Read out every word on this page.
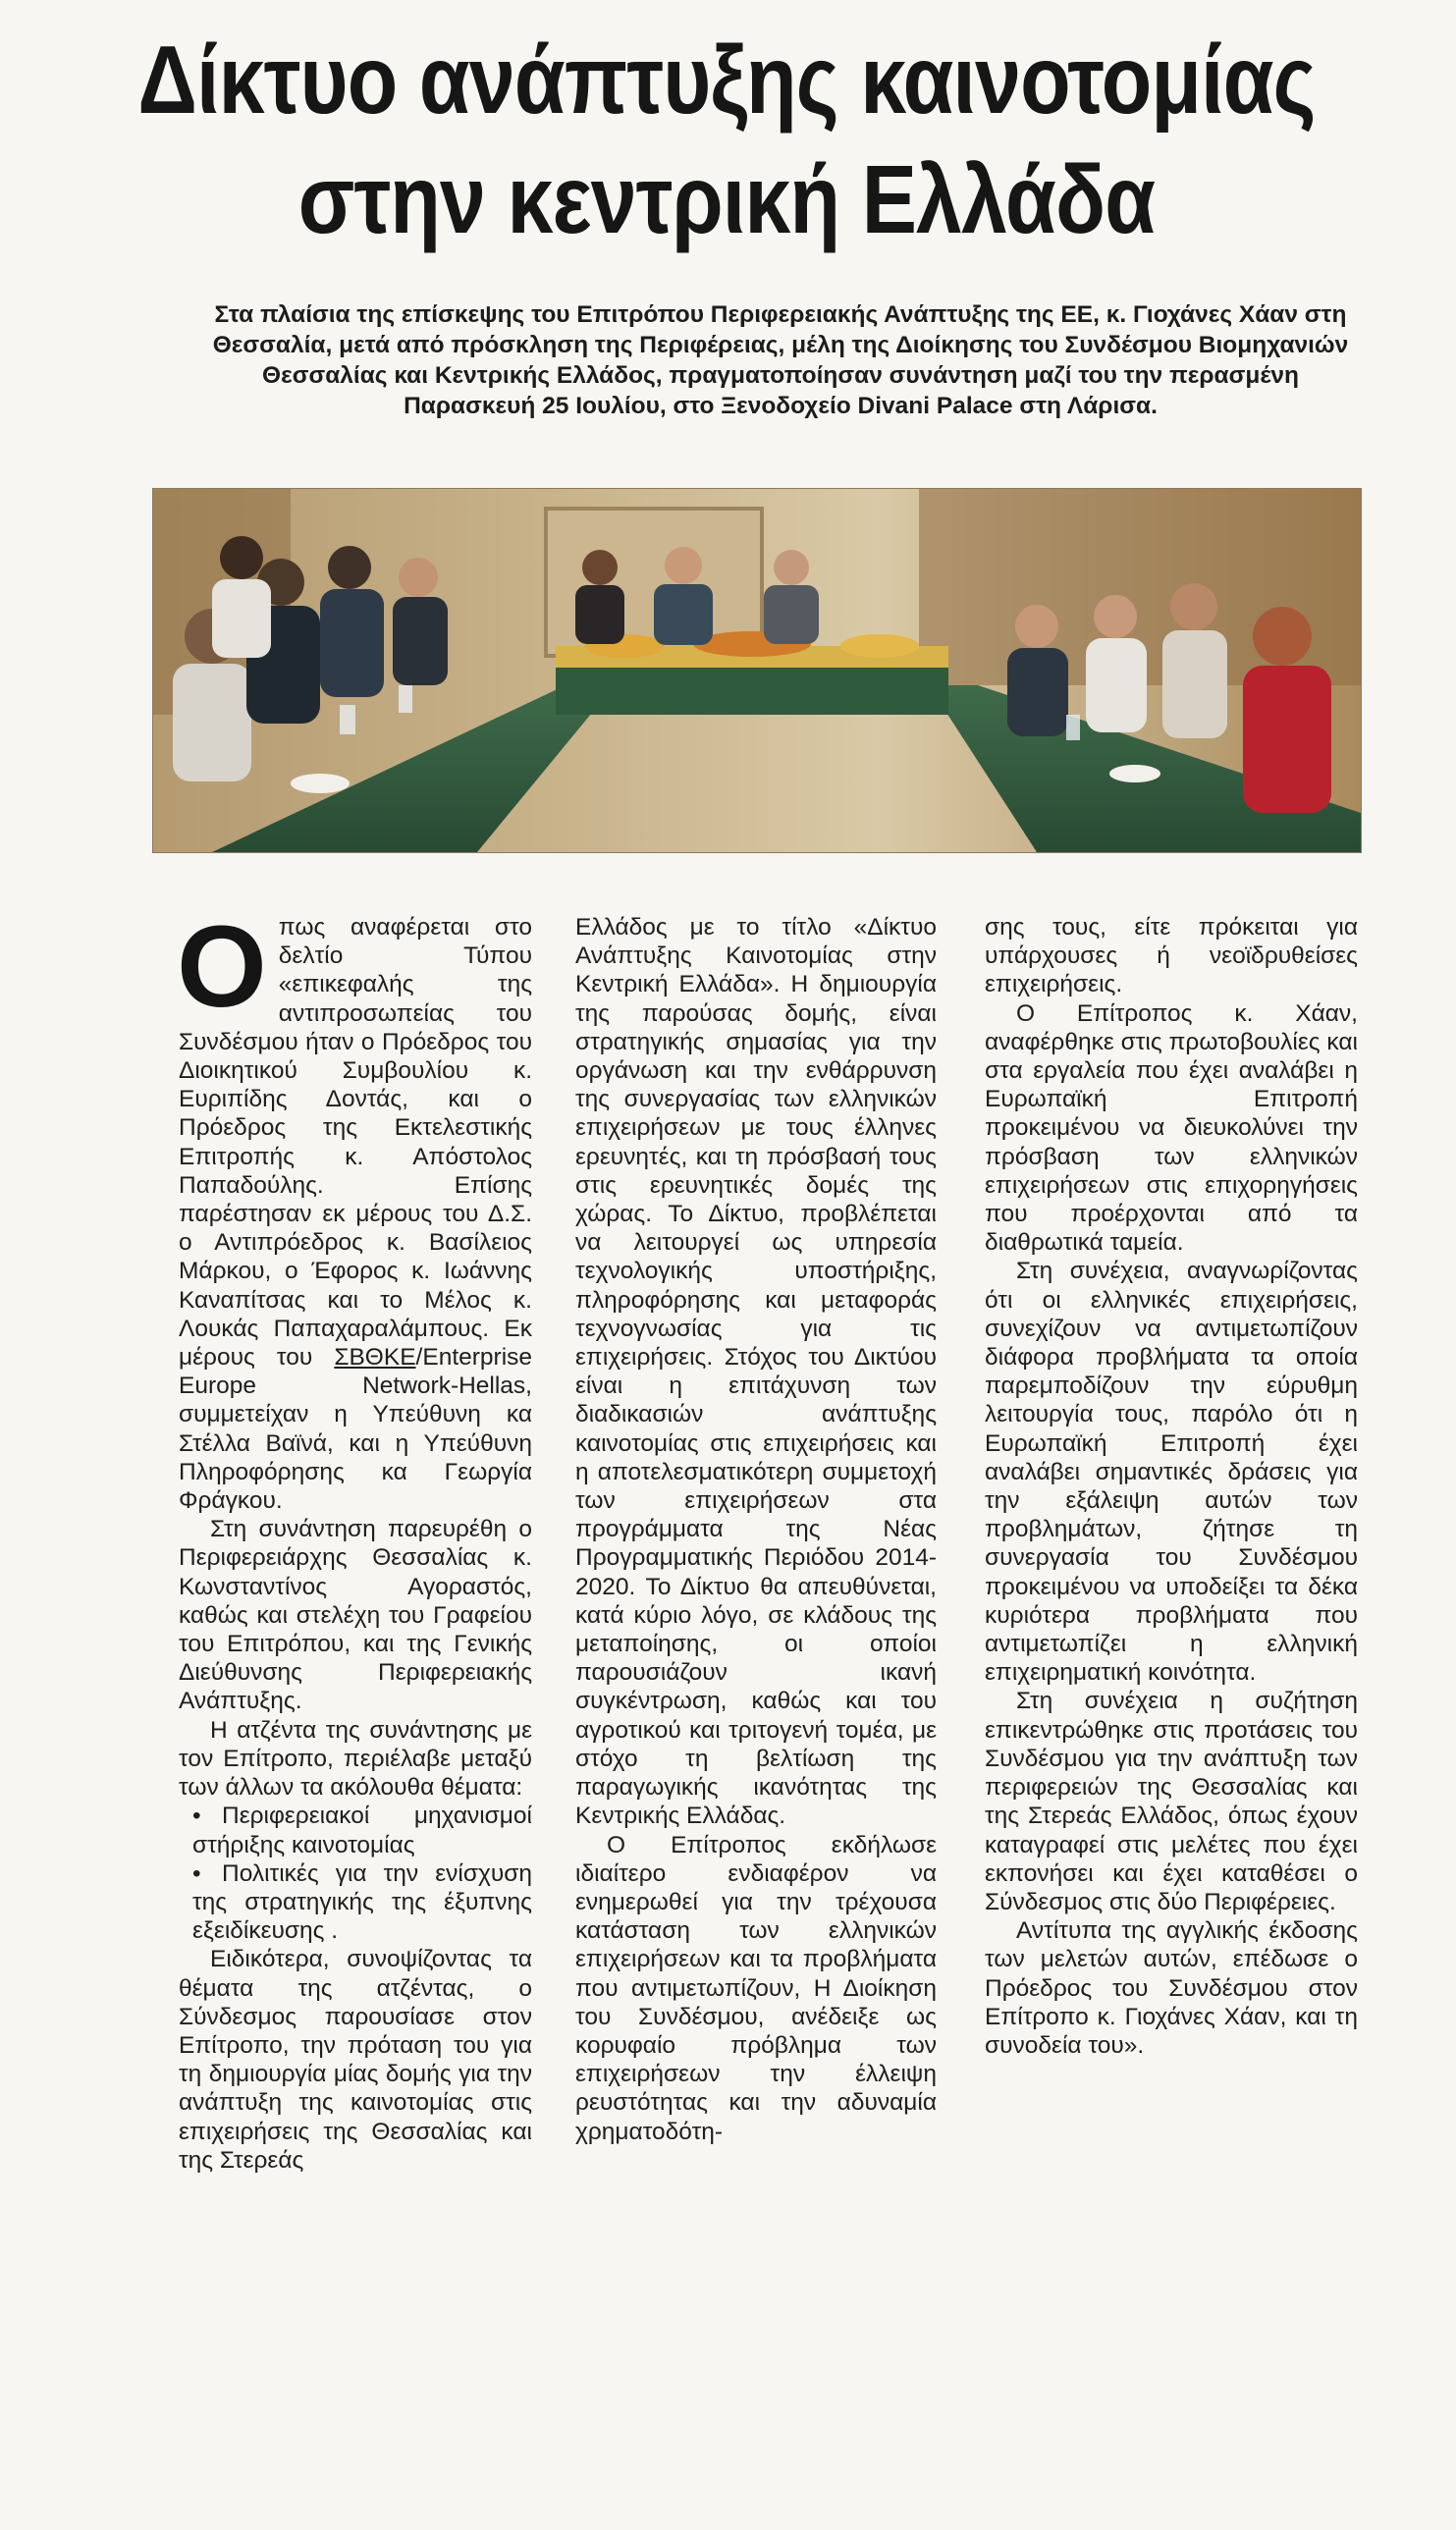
Δίκτυο ανάπτυξης καινοτομίας
στην κεντρική Ελλάδα
Στα πλαίσια της επίσκεψης του Επιτρόπου Περιφερειακής Ανάπτυξης της ΕΕ, κ. Γιοχάνες Χάαν στη Θεσσαλία, μετά από πρόσκληση της Περιφέρειας, μέλη της Διοίκησης του Συνδέσμου Βιομηχανιών Θεσσαλίας και Κεντρικής Ελλάδος, πραγματοποίησαν συνάντηση μαζί του την περασμένη Παρασκευή 25 Ιουλίου, στο Ξενοδοχείο Divani Palace στη Λάρισα.

Οπως αναφέρεται στο δελτίο Τύπου «επικεφαλής της αντιπροσωπείας του Συνδέσμου ήταν ο Πρόεδρος του Διοικητικού Συμβουλίου κ. Ευριπίδης Δοντάς, και ο Πρόεδρος της Εκτελεστικής Επιτροπής κ. Απόστολος Παπαδούλης. Επίσης παρέστησαν εκ μέρους του Δ.Σ. ο Αντιπρόεδρος κ. Βασίλειος Μάρκου, ο Έφορος κ. Ιωάννης Καναπίτσας και το Μέλος κ. Λουκάς Παπαχαραλάμπους. Εκ μέρους του ΣΒΘΚΕ/Enterprise Europe Network-Hellas, συμμετείχαν η Υπεύθυνη κα Στέλλα Βαϊνά, και η Υπεύθυνη Πληροφόρησης κα Γεωργία Φράγκου.

Στη συνάντηση παρευρέθη ο Περιφερειάρχης Θεσσαλίας κ. Κωνσταντίνος Αγοραστός, καθώς και στελέχη του Γραφείου του Επιτρόπου, και της Γενικής Διεύθυνσης Περιφερειακής Ανάπτυξης.

Η ατζέντα της συνάντησης με τον Επίτροπο, περιέλαβε μεταξύ των άλλων τα ακόλουθα θέματα:

• Περιφερειακοί μηχανισμοί στήριξης καινοτομίας

• Πολιτικές για την ενίσχυση της στρατηγικής της έξυπνης εξειδίκευσης .

Ειδικότερα, συνοψίζοντας τα θέματα της ατζέντας, ο Σύνδεσμος παρουσίασε στον Επίτροπο, την πρόταση του για τη δημιουργία μίας δομής για την ανάπτυξη της καινοτομίας στις επιχειρήσεις της Θεσσαλίας και της Στερεάς

Ελλάδος με το τίτλο «Δίκτυο Ανάπτυξης Καινοτομίας στην Κεντρική Ελλάδα». Η δημιουργία της παρούσας δομής, είναι στρατηγικής σημασίας για την οργάνωση και την ενθάρρυνση της συνεργασίας των ελληνικών επιχειρήσεων με τους έλληνες ερευνητές, και τη πρόσβασή τους στις ερευνητικές δομές της χώρας. Το Δίκτυο, προβλέπεται να λειτουργεί ως υπηρεσία τεχνολογικής υποστήριξης, πληροφόρησης και μεταφοράς τεχνογνωσίας για τις επιχειρήσεις. Στόχος του Δικτύου είναι η επιτάχυνση των διαδικασιών ανάπτυξης καινοτομίας στις επιχειρήσεις και η αποτελεσματικότερη συμμετοχή των επιχειρήσεων στα προγράμματα της Νέας Προγραμματικής Περιόδου 2014-2020. Το Δίκτυο θα απευθύνεται, κατά κύριο λόγο, σε κλάδους της μεταποίησης, οι οποίοι παρουσιάζουν ικανή συγκέντρωση, καθώς και του αγροτικού και τριτογενή τομέα, με στόχο τη βελτίωση της παραγωγικής ικανότητας της Κεντρικής Ελλάδας.

Ο Επίτροπος εκδήλωσε ιδιαίτερο ενδιαφέρον να ενημερωθεί για την τρέχουσα κατάσταση των ελληνικών επιχειρήσεων και τα προβλήματα που αντιμετωπίζουν, Η Διοίκηση του Συνδέσμου, ανέδειξε ως κορυφαίο πρόβλημα των επιχειρήσεων την έλλειψη ρευστότητας και την αδυναμία χρηματοδότη-

σης τους, είτε πρόκειται για υπάρχουσες ή νεοϊδρυθείσες επιχειρήσεις.

Ο Επίτροπος κ. Χάαν, αναφέρθηκε στις πρωτοβουλίες και στα εργαλεία που έχει αναλάβει η Ευρωπαϊκή Επιτροπή προκειμένου να διευκολύνει την πρόσβαση των ελληνικών επιχειρήσεων στις επιχορηγήσεις που προέρχονται από τα διαθρωτικά ταμεία.

Στη συνέχεια, αναγνωρίζοντας ότι οι ελληνικές επιχειρήσεις, συνεχίζουν να αντιμετωπίζουν διάφορα προβλήματα τα οποία παρεμποδίζουν την εύρυθμη λειτουργία τους, παρόλο ότι η Ευρωπαϊκή Επιτροπή έχει αναλάβει σημαντικές δράσεις για την εξάλειψη αυτών των προβλημάτων, ζήτησε τη συνεργασία του Συνδέσμου προκειμένου να υποδείξει τα δέκα κυριότερα προβλήματα που αντιμετωπίζει η ελληνική επιχειρηματική κοινότητα.

Στη συνέχεια η συζήτηση επικεντρώθηκε στις προτάσεις του Συνδέσμου για την ανάπτυξη των περιφερειών της Θεσσαλίας και της Στερεάς Ελλάδος, όπως έχουν καταγραφεί στις μελέτες που έχει εκπονήσει και έχει καταθέσει ο Σύνδεσμος στις δύο Περιφέρειες.

Αντίτυπα της αγγλικής έκδοσης των μελετών αυτών, επέδωσε ο Πρόεδρος του Συνδέσμου στον Επίτροπο κ. Γιοχάνες Χάαν, και τη συνοδεία του».
